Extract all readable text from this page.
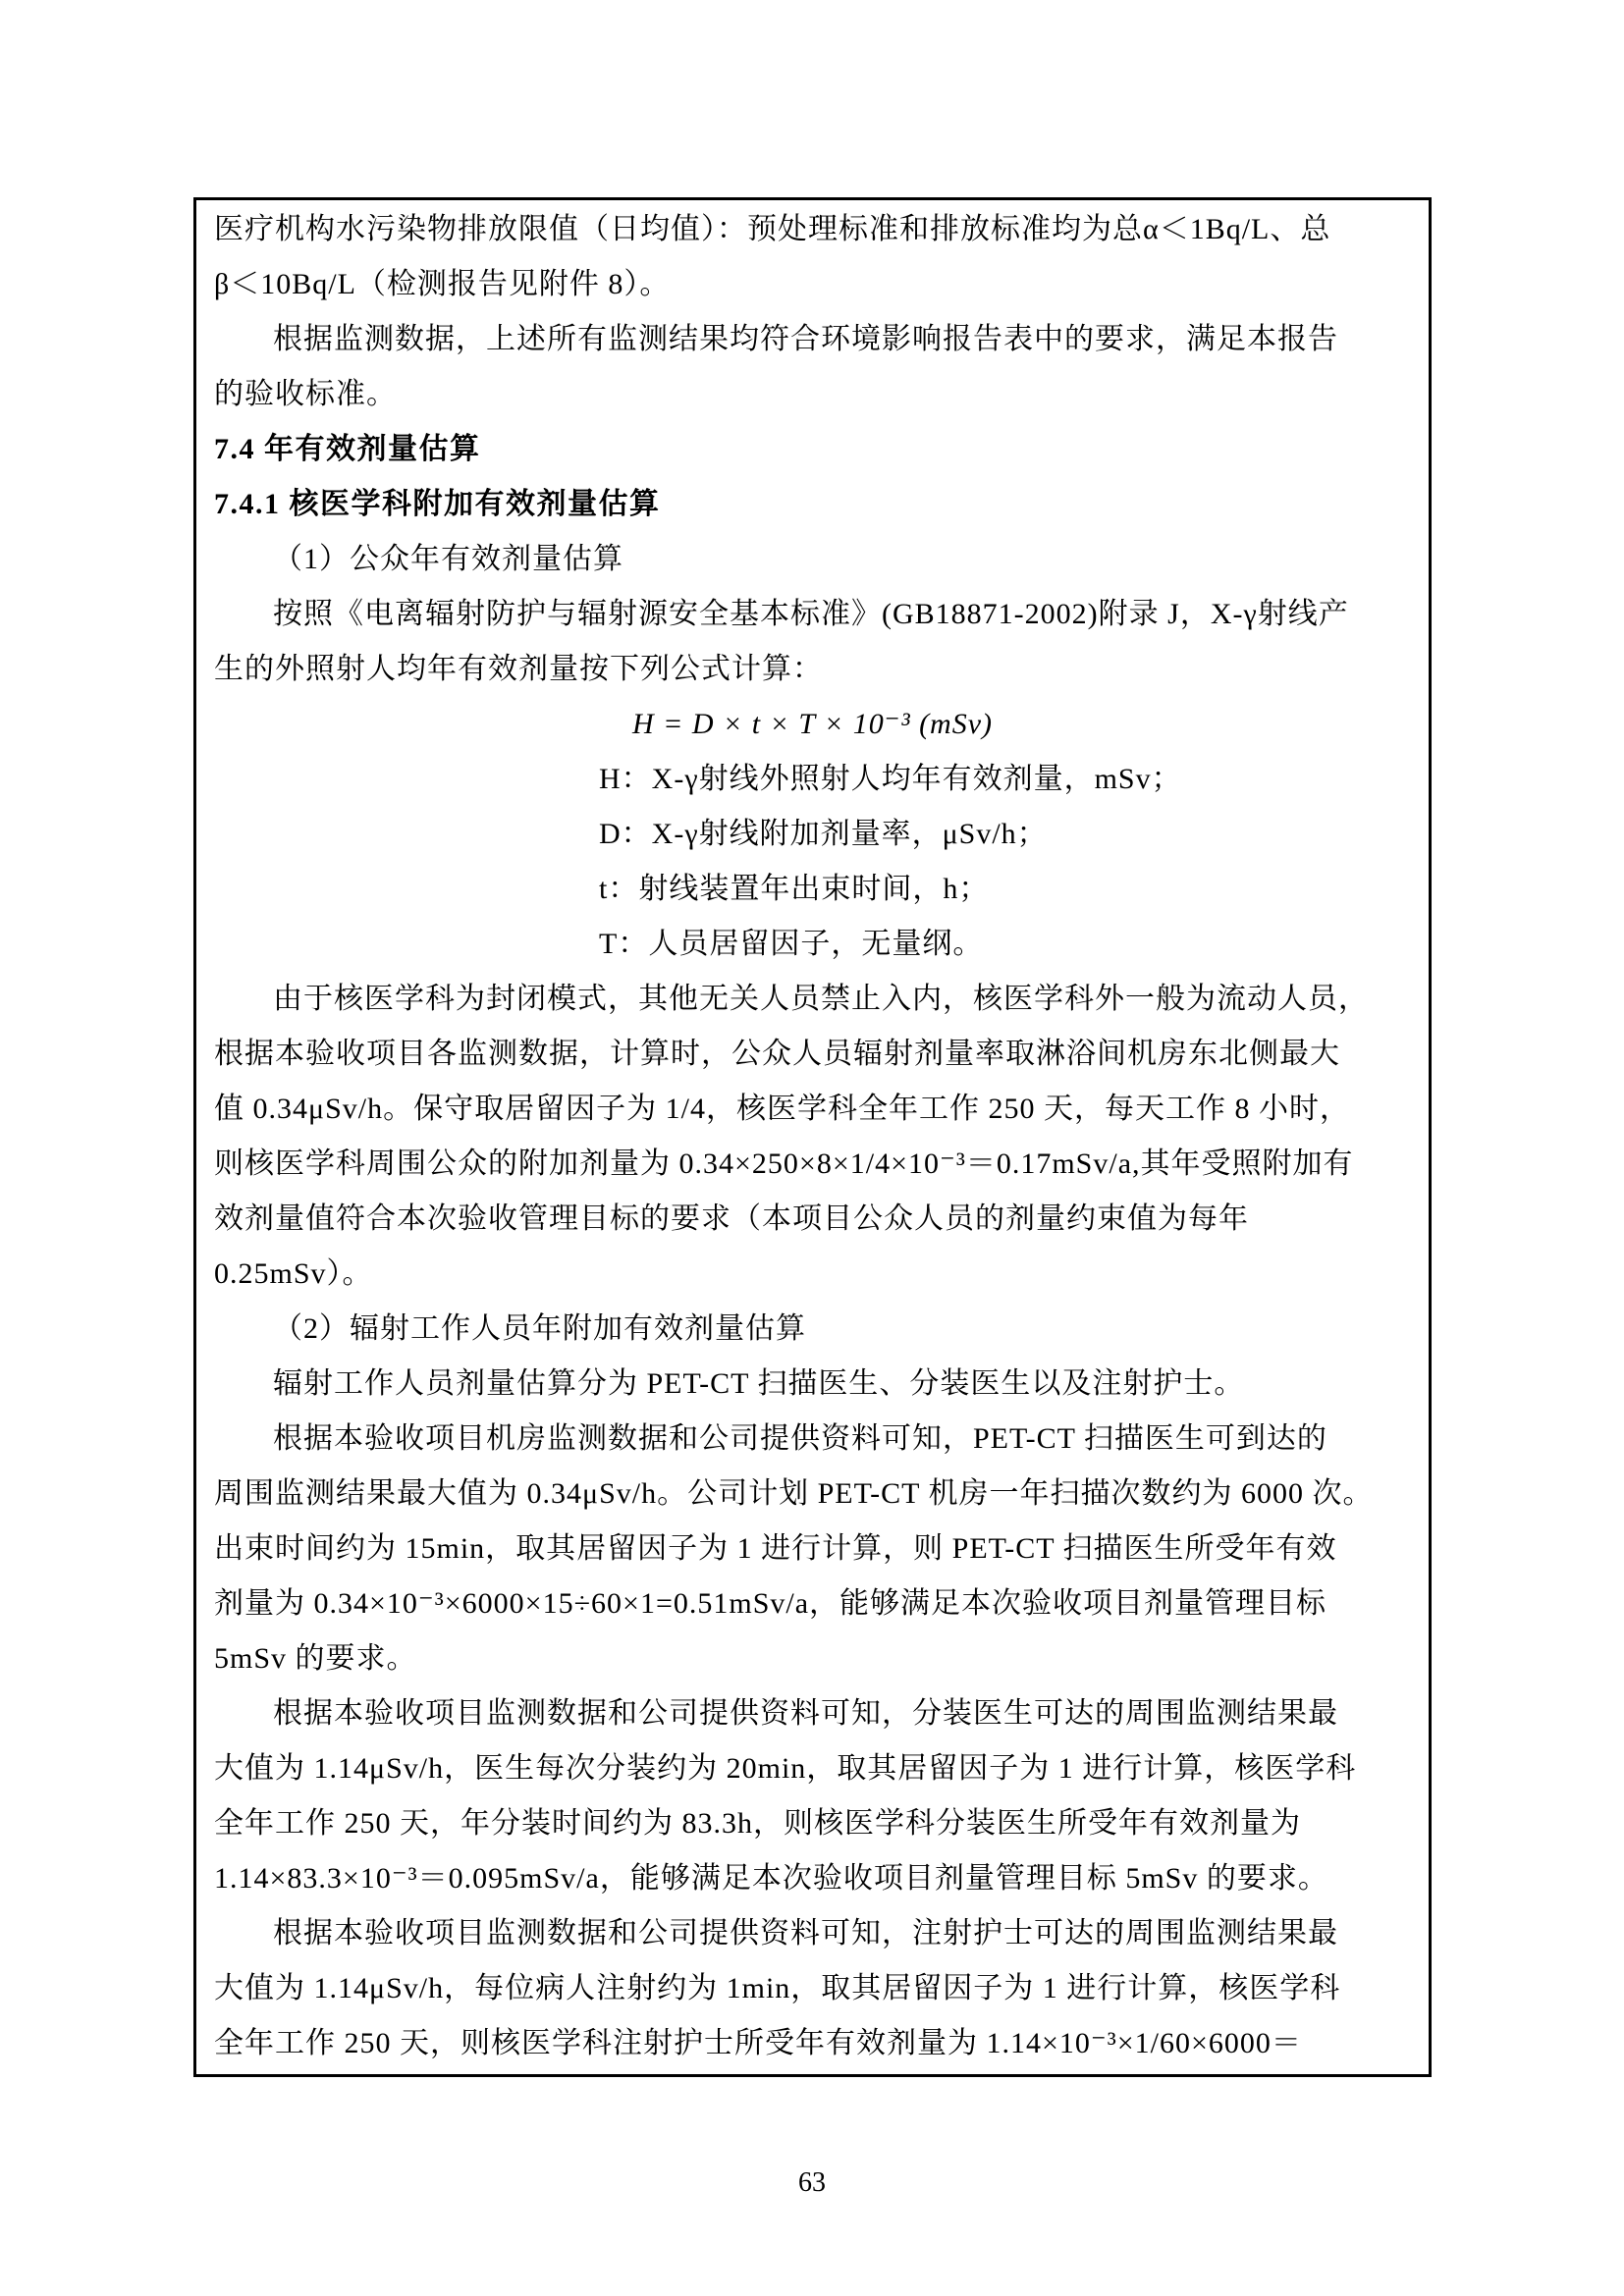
医疗机构水污染物排放限值（日均值）：预处理标准和排放标准均为总α＜1Bq/L、总
β＜10Bq/L（检测报告见附件 8）。
根据监测数据，上述所有监测结果均符合环境影响报告表中的要求，满足本报告
的验收标准。
7.4 年有效剂量估算
7.4.1 核医学科附加有效剂量估算
（1）公众年有效剂量估算
按照《电离辐射防护与辐射源安全基本标准》(GB18871-2002)附录 J，X-γ射线产
生的外照射人均年有效剂量按下列公式计算：
H = D × t × T × 10⁻³ (mSv)
H：X-γ射线外照射人均年有效剂量，mSv；
D：X-γ射线附加剂量率，μSv/h；
t：射线装置年出束时间，h；
T：人员居留因子，无量纲。
由于核医学科为封闭模式，其他无关人员禁止入内，核医学科外一般为流动人员，
根据本验收项目各监测数据，计算时，公众人员辐射剂量率取淋浴间机房东北侧最大
值 0.34μSv/h。保守取居留因子为 1/4，核医学科全年工作 250 天，每天工作 8 小时，
则核医学科周围公众的附加剂量为 0.34×250×8×1/4×10⁻³＝0.17mSv/a,其年受照附加有
效剂量值符合本次验收管理目标的要求（本项目公众人员的剂量约束值为每年
0.25mSv）。
（2）辐射工作人员年附加有效剂量估算
辐射工作人员剂量估算分为 PET-CT 扫描医生、分装医生以及注射护士。
根据本验收项目机房监测数据和公司提供资料可知，PET-CT 扫描医生可到达的
周围监测结果最大值为 0.34μSv/h。公司计划 PET-CT 机房一年扫描次数约为 6000 次。
出束时间约为 15min，取其居留因子为 1 进行计算，则 PET-CT 扫描医生所受年有效
剂量为 0.34×10⁻³×6000×15÷60×1=0.51mSv/a，能够满足本次验收项目剂量管理目标
5mSv 的要求。
根据本验收项目监测数据和公司提供资料可知，分装医生可达的周围监测结果最
大值为 1.14μSv/h，医生每次分装约为 20min，取其居留因子为 1 进行计算，核医学科
全年工作 250 天，年分装时间约为 83.3h，则核医学科分装医生所受年有效剂量为
1.14×83.3×10⁻³＝0.095mSv/a，能够满足本次验收项目剂量管理目标 5mSv 的要求。
根据本验收项目监测数据和公司提供资料可知，注射护士可达的周围监测结果最
大值为 1.14μSv/h，每位病人注射约为 1min，取其居留因子为 1 进行计算，核医学科
全年工作 250 天，则核医学科注射护士所受年有效剂量为 1.14×10⁻³×1/60×6000＝
63
